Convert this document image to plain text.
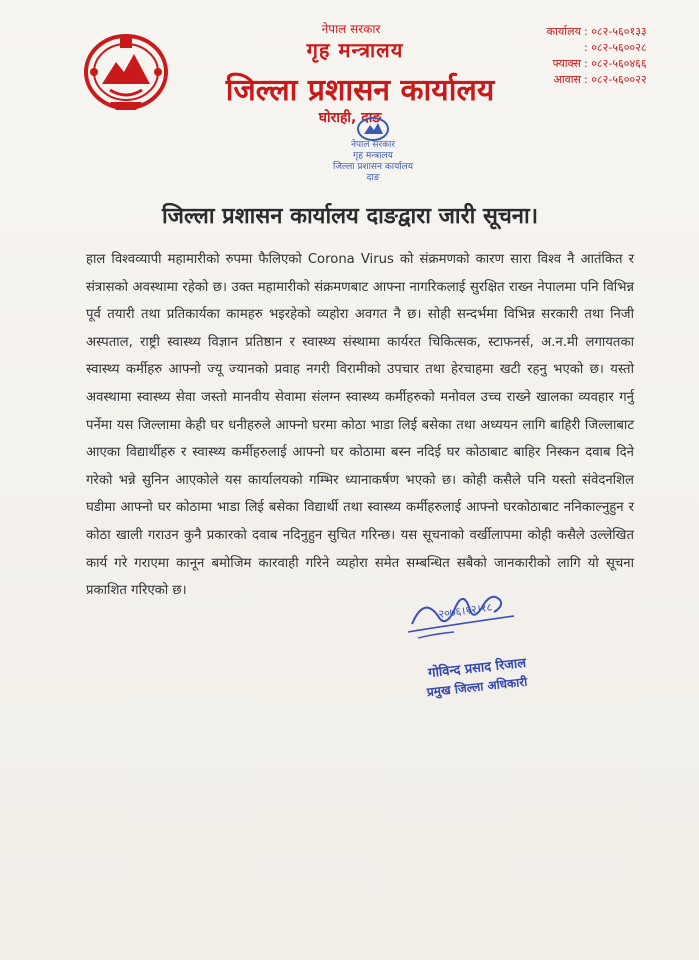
नेपाल सरकार
गृह मन्त्रालय
जिल्ला प्रशासन कार्यालय
घोराही, दाङ
कार्यालय : ०८२-५६०१३३
: ०८२-५६००२८
फ्याक्स : ०८२-५६०४६६
आवास : ०८२-५६००२२
नेपाल सरकार
गृह मन्त्रालय
जिल्ला प्रशासन कार्यालय
दाङ
जिल्ला प्रशासन कार्यालय दाङद्वारा जारी सूचना।
हाल विश्वव्यापी महामारीको रुपमा फैलिएको Corona Virus को संक्रमणको कारण सारा विश्व नै आतंकित र संत्रासको अवस्थामा रहेको छ। उक्त महामारीको संक्रमणबाट आफ्ना नागरिकलाई सुरक्षित राख्न नेपालमा पनि विभिन्न पूर्व तयारी तथा प्रतिकार्यका कामहरु भइरहेको व्यहोरा अवगत नै छ। सोही सन्दर्भमा विभिन्न सरकारी तथा निजी अस्पताल, राष्ट्री स्वास्थ्य विज्ञान प्रतिष्ठान र स्वास्थ्य संस्थामा कार्यरत चिकित्सक, स्टाफनर्स, अ.न.मी लगायतका स्वास्थ्य कर्मीहरु आफ्नो ज्यू ज्यानको प्रवाह नगरी विरामीको उपचार तथा हेरचाहमा खटी रहनु भएको छ। यस्तो अवस्थामा स्वास्थ्य सेवा जस्तो मानवीय सेवामा संलग्न स्वास्थ्य कर्मीहरुको मनोवल उच्च राख्ने खालका व्यवहार गर्नु पर्नेमा यस जिल्लामा केही घर धनीहरुले आफ्नो घरमा कोठा भाडा लिई बसेका तथा अध्ययन लागि बाहिरी जिल्लाबाट आएका विद्यार्थीहरु र स्वास्थ्य कर्मीहरुलाई आफ्नो घर कोठामा बस्न नदिई घर कोठाबाट बाहिर निस्कन दवाब दिने गरेको भन्ने सुनिन आएकोले यस कार्यालयको गम्भिर ध्यानाकर्षण भएको छ। कोही कसैले पनि यस्तो संवेदनशिल घडीमा आफ्नो घर कोठामा भाडा लिई बसेका विद्यार्थी तथा स्वास्थ्य कर्मीहरुलाई आफ्नो घरकोठाबाट ननिकाल्नुहुन र कोठा खाली गराउन कुनै प्रकारको दवाब नदिनुहुन सुचित गरिन्छ। यस सूचनाको वर्खीलापमा कोही कसैले उल्लेखित कार्य गरे गराएमा कानून बमोजिम कारवाही गरिने व्यहोरा समेत सम्बन्धित सबैको जानकारीको लागि यो सूचना प्रकाशित गरिएको छ।
२०७६।१२।१८
गोविन्द प्रसाद रिजाल
प्रमुख जिल्ला अधिकारी
